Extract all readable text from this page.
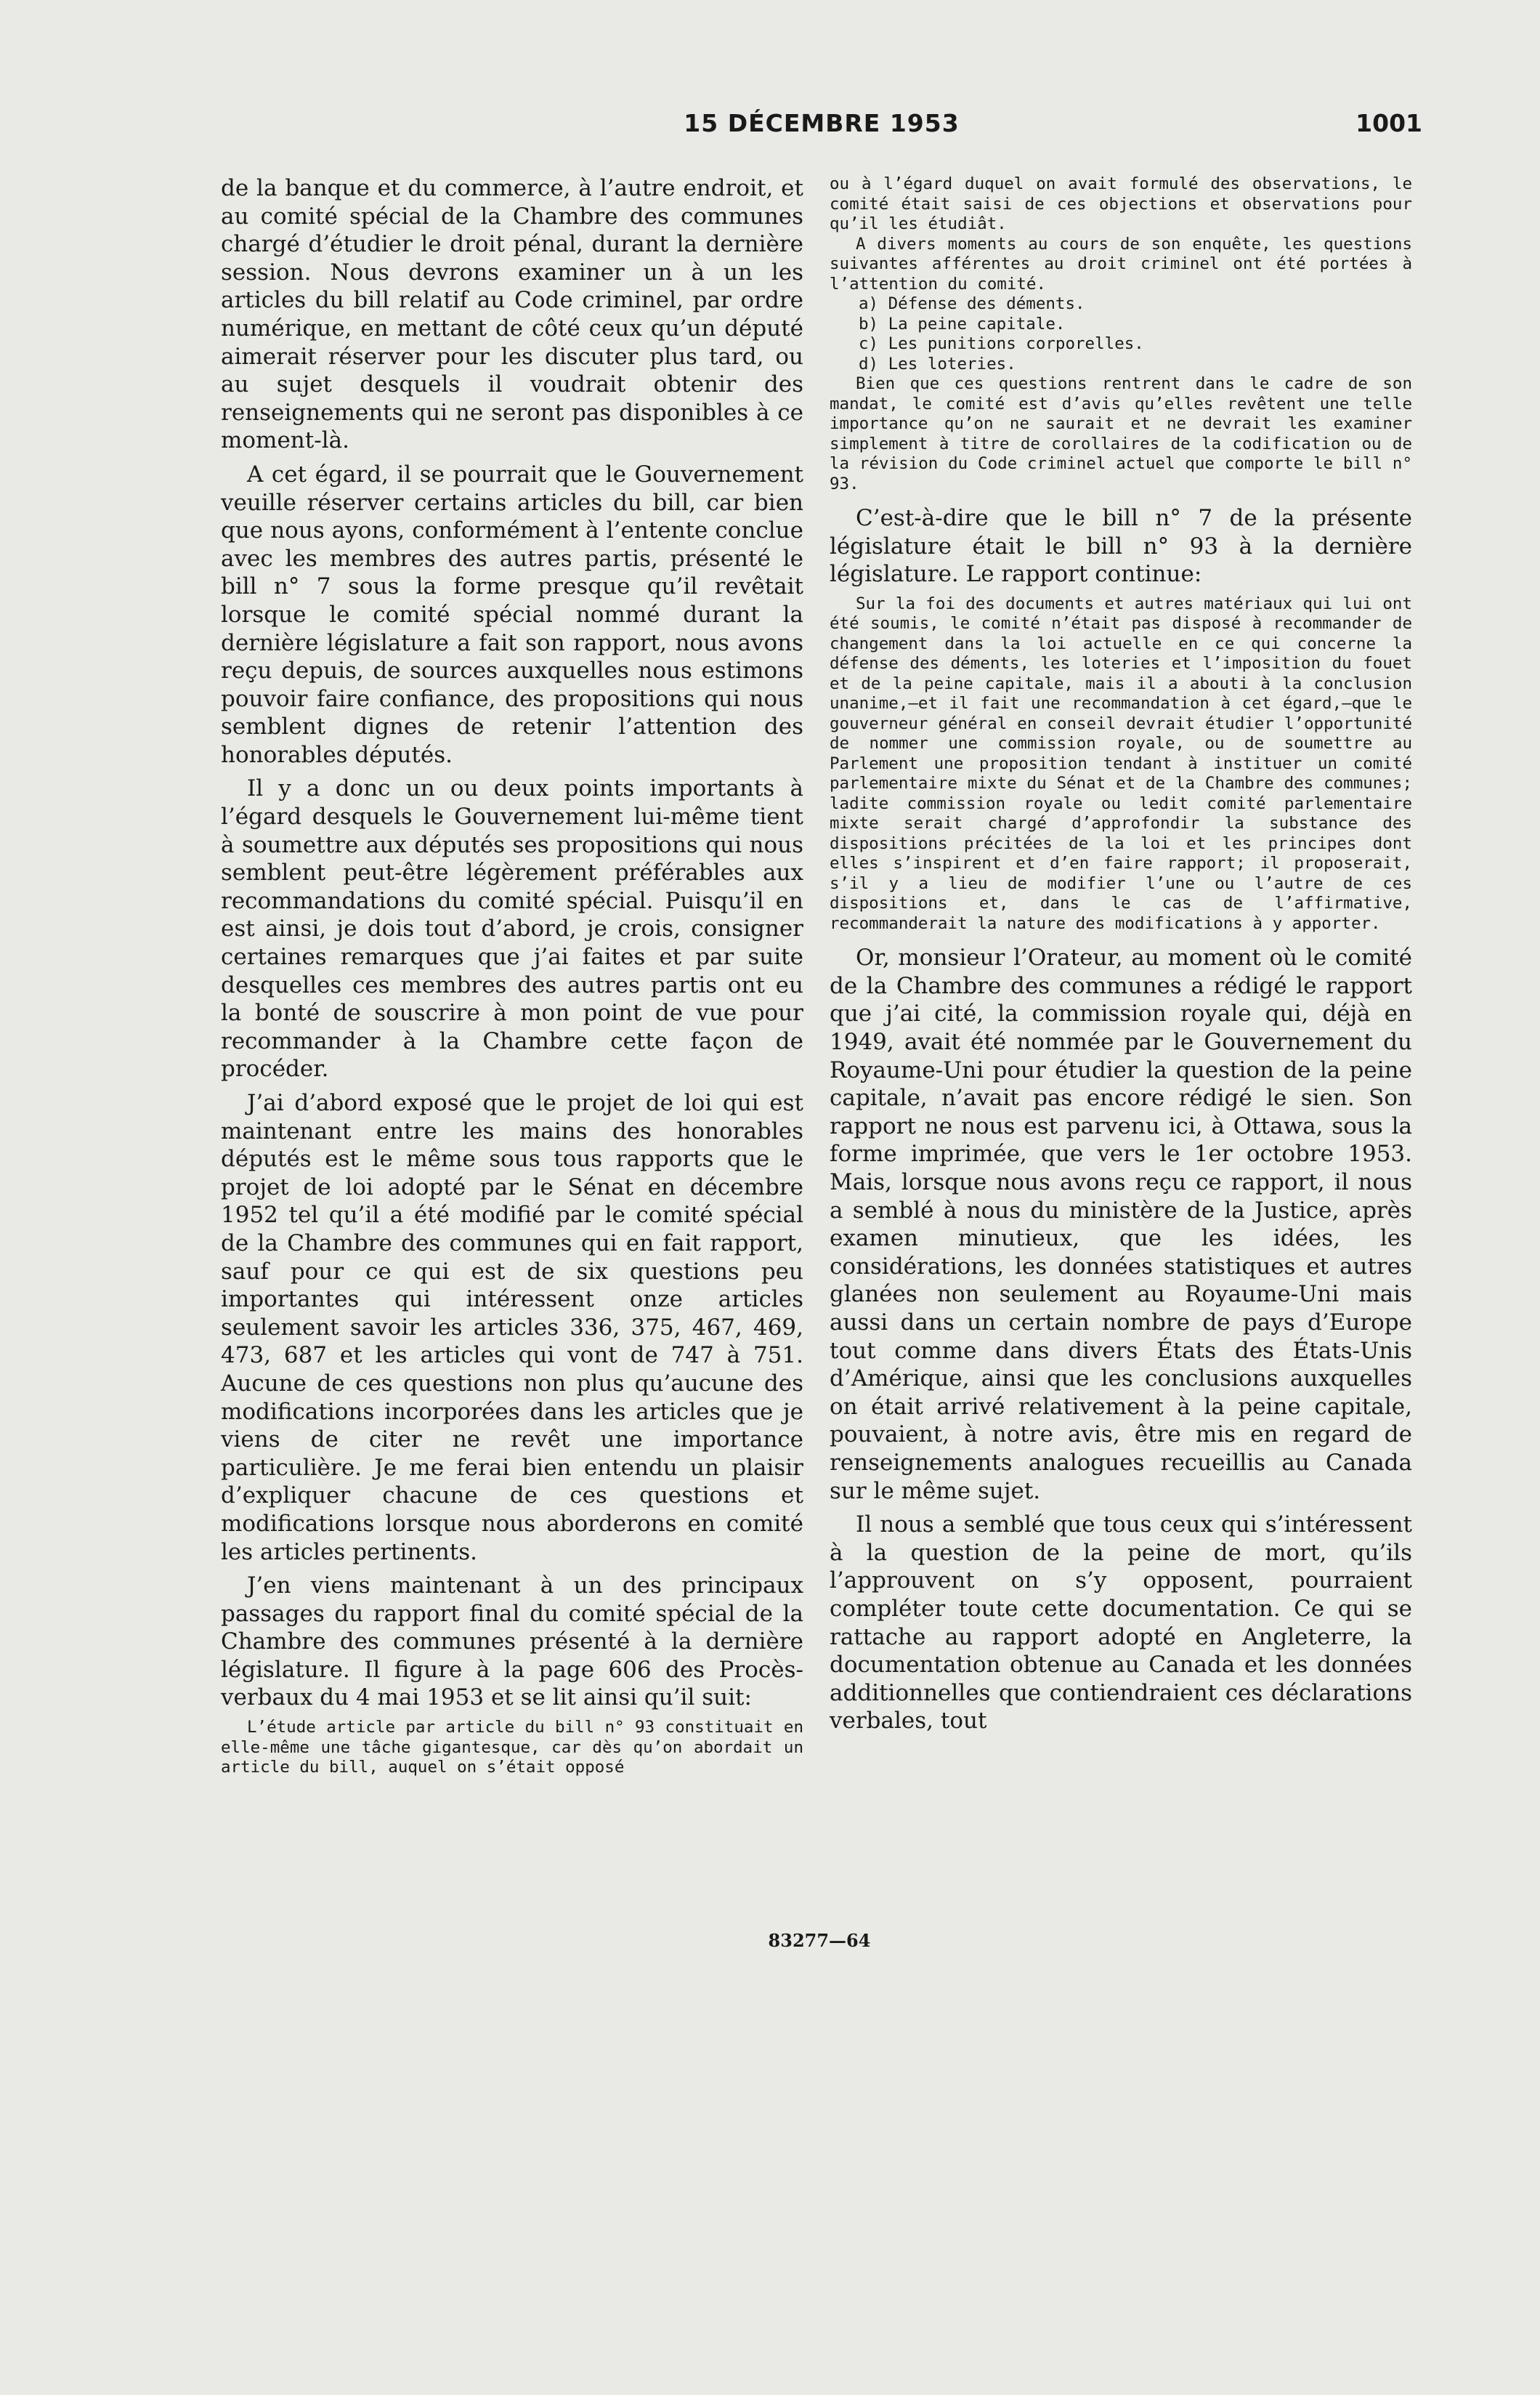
15 DÉCEMBRE 1953	1001

de la banque et du commerce, à l’autre endroit, et au comité spécial de la Chambre des communes chargé d’étudier le droit pénal, durant la dernière session. Nous devrons examiner un à un les articles du bill relatif au Code criminel, par ordre numérique, en mettant de côté ceux qu’un député aimerait réserver pour les discuter plus tard, ou au sujet desquels il voudrait obtenir des renseignements qui ne seront pas disponibles à ce moment-là.

A cet égard, il se pourrait que le Gouvernement veuille réserver certains articles du bill, car bien que nous ayons, conformément à l’entente conclue avec les membres des autres partis, présenté le bill n° 7 sous la forme presque qu’il revêtait lorsque le comité spécial nommé durant la dernière législature a fait son rapport, nous avons reçu depuis, de sources auxquelles nous estimons pouvoir faire confiance, des propositions qui nous semblent dignes de retenir l’attention des honorables députés.

Il y a donc un ou deux points importants à l’égard desquels le Gouvernement lui-même tient à soumettre aux députés ses propositions qui nous semblent peut-être légèrement préférables aux recommandations du comité spécial. Puisqu’il en est ainsi, je dois tout d’abord, je crois, consigner certaines remarques que j’ai faites et par suite desquelles ces membres des autres partis ont eu la bonté de souscrire à mon point de vue pour recommander à la Chambre cette façon de procéder.

J’ai d’abord exposé que le projet de loi qui est maintenant entre les mains des honorables députés est le même sous tous rapports que le projet de loi adopté par le Sénat en décembre 1952 tel qu’il a été modifié par le comité spécial de la Chambre des communes qui en fait rapport, sauf pour ce qui est de six questions peu importantes qui intéressent onze articles seulement savoir les articles 336, 375, 467, 469, 473, 687 et les articles qui vont de 747 à 751. Aucune de ces questions non plus qu’aucune des modifications incorporées dans les articles que je viens de citer ne revêt une importance particulière. Je me ferai bien entendu un plaisir d’expliquer chacune de ces questions et modifications lorsque nous aborderons en comité les articles pertinents.

J’en viens maintenant à un des principaux passages du rapport final du comité spécial de la Chambre des communes présenté à la dernière législature. Il figure à la page 606 des Procès-verbaux du 4 mai 1953 et se lit ainsi qu’il suit:

L’étude article par article du bill n° 93 constituait en elle-même une tâche gigantesque, car dès qu’on abordait un article du bill, auquel on s’était opposé

ou à l’égard duquel on avait formulé des observations, le comité était saisi de ces objections et observations pour qu’il les étudiât.

A divers moments au cours de son enquête, les questions suivantes afférentes au droit criminel ont été portées à l’attention du comité.

a) Défense des déments.

b) La peine capitale.

c) Les punitions corporelles.

d) Les loteries.

Bien que ces questions rentrent dans le cadre de son mandat, le comité est d’avis qu’elles revêtent une telle importance qu’on ne saurait et ne devrait les examiner simplement à titre de corollaires de la codification ou de la révision du Code criminel actuel que comporte le bill n° 93.

C’est-à-dire que le bill n° 7 de la présente législature était le bill n° 93 à la dernière législature. Le rapport continue:

Sur la foi des documents et autres matériaux qui lui ont été soumis, le comité n’était pas disposé à recommander de changement dans la loi actuelle en ce qui concerne la défense des déments, les loteries et l’imposition du fouet et de la peine capitale, mais il a abouti à la conclusion unanime,—et il fait une recommandation à cet égard,—que le gouverneur général en conseil devrait étudier l’opportunité de nommer une commission royale, ou de soumettre au Parlement une proposition tendant à instituer un comité parlementaire mixte du Sénat et de la Chambre des communes; ladite commission royale ou ledit comité parlementaire mixte serait chargé d’approfondir la substance des dispositions précitées de la loi et les principes dont elles s’inspirent et d’en faire rapport; il proposerait, s’il y a lieu de modifier l’une ou l’autre de ces dispositions et, dans le cas de l’affirmative, recommanderait la nature des modifications à y apporter.

Or, monsieur l’Orateur, au moment où le comité de la Chambre des communes a rédigé le rapport que j’ai cité, la commission royale qui, déjà en 1949, avait été nommée par le Gouvernement du Royaume-Uni pour étudier la question de la peine capitale, n’avait pas encore rédigé le sien. Son rapport ne nous est parvenu ici, à Ottawa, sous la forme imprimée, que vers le 1er octobre 1953. Mais, lorsque nous avons reçu ce rapport, il nous a semblé à nous du ministère de la Justice, après examen minutieux, que les idées, les considérations, les données statistiques et autres glanées non seulement au Royaume-Uni mais aussi dans un certain nombre de pays d’Europe tout comme dans divers États des États-Unis d’Amérique, ainsi que les conclusions auxquelles on était arrivé relativement à la peine capitale, pouvaient, à notre avis, être mis en regard de renseignements analogues recueillis au Canada sur le même sujet.

Il nous a semblé que tous ceux qui s’intéressent à la question de la peine de mort, qu’ils l’approuvent on s’y opposent, pourraient compléter toute cette documentation. Ce qui se rattache au rapport adopté en Angleterre, la documentation obtenue au Canada et les données additionnelles que contiendraient ces déclarations verbales, tout

83277—64
